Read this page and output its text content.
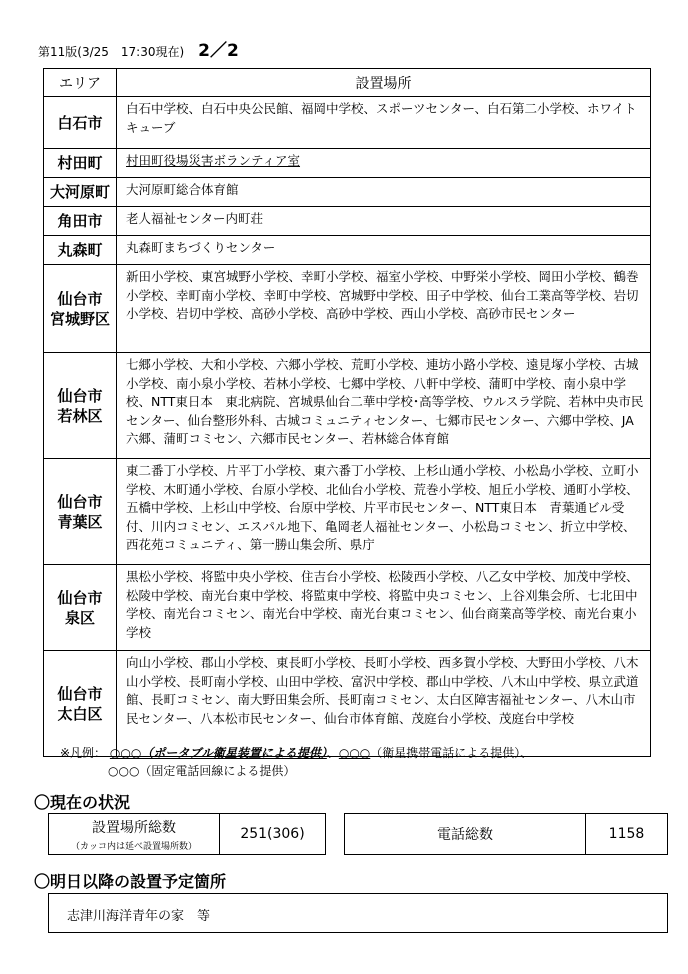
第11版(3/25　17:30現在) 2／2
エリア	設置場所
白石市	白石中学校、白石中央公民館、福岡中学校、スポーツセンター、白石第二小学校、ホワイトキューブ
村田町	村田町役場災害ボランティア室
大河原町	大河原町総合体育館
角田市	老人福祉センター内町荘
丸森町	丸森町まちづくりセンター
仙台市
宮城野区	新田小学校、東宮城野小学校、幸町小学校、福室小学校、中野栄小学校、岡田小学校、鶴巻小学校、幸町南小学校、幸町中学校、宮城野中学校、田子中学校、仙台工業高等学校、岩切小学校、岩切中学校、高砂小学校、高砂中学校、西山小学校、高砂市民センター
仙台市
若林区	七郷小学校、大和小学校、六郷小学校、荒町小学校、連坊小路小学校、遠見塚小学校、古城小学校、南小泉小学校、若林小学校、七郷中学校、八軒中学校、蒲町中学校、南小泉中学校、NTT東日本　東北病院、宮城県仙台二華中学校･高等学校、ウルスラ学院、若林中央市民センター、仙台整形外科、古城コミュニティセンター、七郷市民センター、六郷中学校、JA六郷、蒲町コミセン、六郷市民センター、若林総合体育館
仙台市
青葉区	東二番丁小学校、片平丁小学校、東六番丁小学校、上杉山通小学校、小松島小学校、立町小学校、木町通小学校、台原小学校、北仙台小学校、荒巻小学校、旭丘小学校、通町小学校、五橋中学校、上杉山中学校、台原中学校、片平市民センター、NTT東日本　青葉通ビル受付、川内コミセン、エスパル地下、亀岡老人福祉センター、小松島コミセン、折立中学校、西花苑コミュニティ、第一勝山集会所、県庁
仙台市
泉区	黒松小学校、将監中央小学校、住吉台小学校、松陵西小学校、八乙女中学校、加茂中学校、松陵中学校、南光台東中学校、将監東中学校、将監中央コミセン、上谷刈集会所、七北田中学校、南光台コミセン、南光台中学校、南光台東コミセン、仙台商業高等学校、南光台東小学校
仙台市
太白区	向山小学校、郡山小学校、東長町小学校、長町小学校、西多賀小学校、大野田小学校、八木山小学校、長町南小学校、山田中学校、富沢中学校、郡山中学校、八木山中学校、県立武道館、長町コミセン、南大野田集会所、長町南コミセン、太白区障害福祉センター、八木山市民センター、八本松市民センター、仙台市体育館、茂庭台小学校、茂庭台中学校
※凡例： ○○○（ポータブル衛星装置による提供）、○○○（衛星携帯電話による提供）、
○○○（固定電話回線による提供）
〇現在の状況
設置場所総数
（カッコ内は延べ設置場所数）
251(306)	電話総数	1158
〇明日以降の設置予定箇所
志津川海洋青年の家　等
